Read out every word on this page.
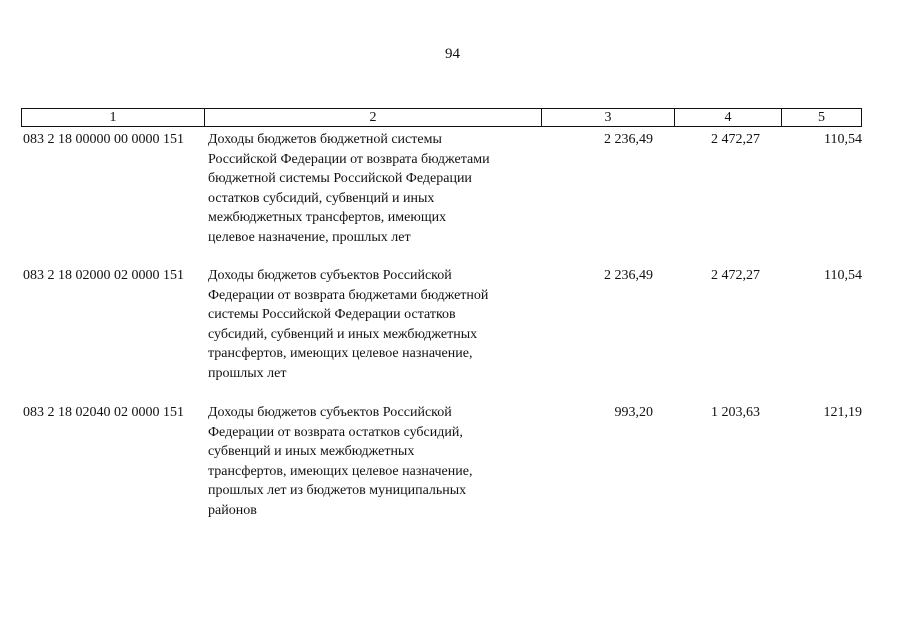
94
1	2	3	4	5
083 2 18 00000 00 0000 151 Доходы бюджетов бюджетной системы
Российской Федерации от возврата бюджетами
бюджетной системы Российской Федерации
остатков субсидий, субвенций и иных
межбюджетных трансфертов, имеющих
целевое назначение, прошлых лет
2 236,49	2 472,27	110,54
083 2 18 02000 02 0000 151 Доходы бюджетов субъектов Российской
Федерации от возврата бюджетами бюджетной
системы Российской Федерации остатков
субсидий, субвенций и иных межбюджетных
трансфертов, имеющих целевое назначение,
прошлых лет
2 236,49	2 472,27	110,54
083 2 18 02040 02 0000 151 Доходы бюджетов субъектов Российской
Федерации от возврата остатков субсидий,
субвенций и иных межбюджетных
трансфертов, имеющих целевое назначение,
прошлых лет из бюджетов муниципальных
районов
993,20	1 203,63	121,19
